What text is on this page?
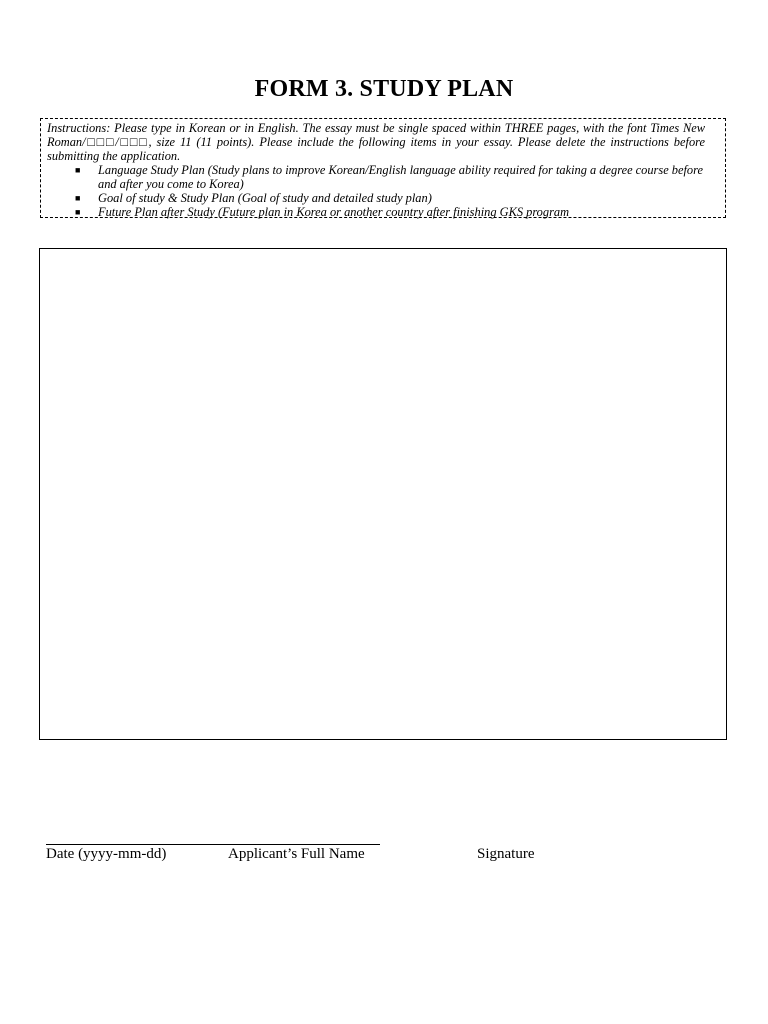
FORM 3. STUDY PLAN

Instructions: Please type in Korean or in English. The essay must be single spaced within THREE pages, with the font Times New Roman/□□□/□□□, size 11 (11 points). Please include the following items in your essay. Please delete the instructions before submitting the application.

■ Language Study Plan (Study plans to improve Korean/English language ability required for taking a degree course before and after you come to Korea)
■ Goal of study & Study Plan (Goal of study and detailed study plan)
■ Future Plan after Study (Future plan in Korea or another country after finishing GKS program
Date (yyyy-mm-dd)	Applicant’s Full Name	Signature
